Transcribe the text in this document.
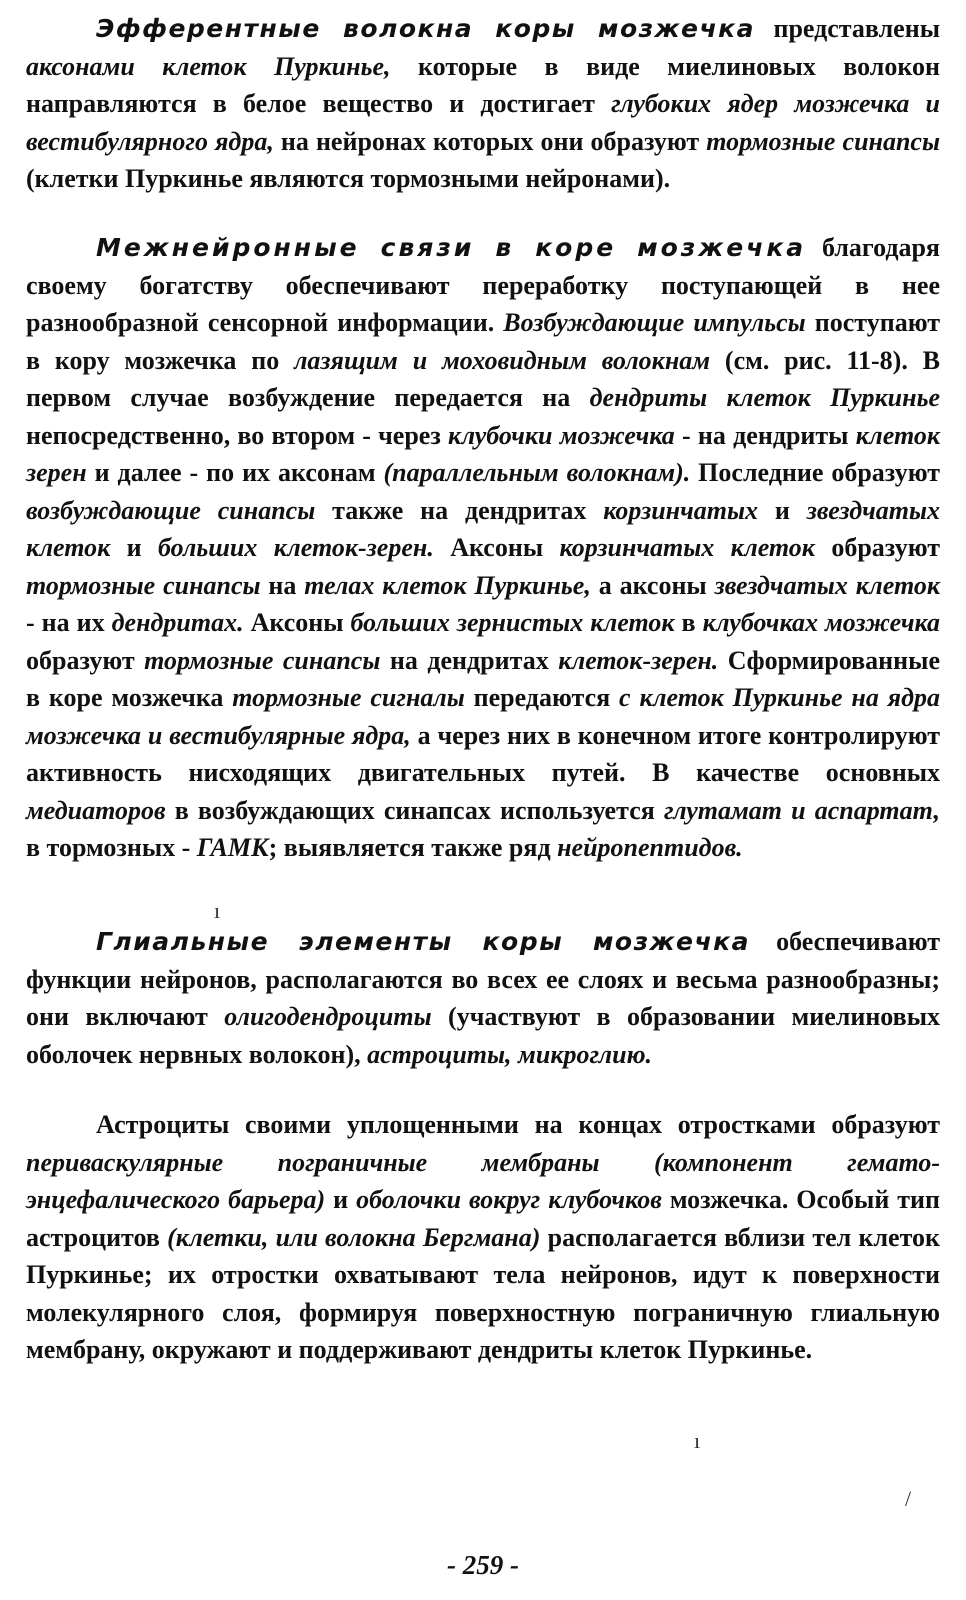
Эфферентные волокна коры мозжечка представлены аксонами клеток Пуркинье, которые в виде миелиновых волокон направляются в белое вещество и достигает глубоких ядер мозжечка и вестибулярного ядра, на нейронах которых они образуют тормозные синапсы (клетки Пуркинье являются тормозными нейронами).

Межнейронные связи в коре мозжечка благодаря своему богатству обеспечивают переработку поступающей в нее разнообразной сенсорной информации. Возбуждающие импульсы поступают в кору мозжечка по лазящим и моховидным волокнам (см. рис. 11-8). В первом случае возбуждение передается на дендриты клеток Пуркинье непосредственно, во втором - через клубочки мозжечка - на дендриты клеток зерен и далее - по их аксонам (параллельным волокнам). Последние образуют возбуждающие синапсы также на дендритах корзинчатых и звездчатых клеток и больших клеток-зерен. Аксоны корзинчатых клеток образуют тормозные синапсы на телах клеток Пуркинье, а аксоны звездчатых клеток - на их дендритах. Аксоны больших зернистых клеток в клубочках мозжечка образуют тормозные синапсы на дендритах клеток-зерен. Сформированные в коре мозжечка тормозные сигналы передаются с клеток Пуркинье на ядра мозжечка и вестибулярные ядра, а через них в конечном итоге контролируют активность нисходящих двигательных путей. В качестве основных медиаторов в возбуждающих синапсах используется глутамат и аспартат, в тормозных - ГАМК; выявляется также ряд нейропептидов.

Глиальные элементы коры мозжечка обеспечивают функции нейронов, располагаются во всех ее слоях и весьма разнообразны; они включают олигодендроциты (участвуют в образовании миелиновых оболочек нервных волокон), астроциты, микроглию.

Астроциты своими уплощенными на концах отростками образуют периваскулярные пограничные мембраны (компонент гемато-энцефалического барьера) и оболочки вокруг клубочков мозжечка. Особый тип астроцитов (клетки, или волокна Бергмана) располагается вблизи тел клеток Пуркинье; их отростки охватывают тела нейронов, идут к поверхности молекулярного слоя, формируя поверхностную пограничную глиальную мембрану, окружают и поддерживают дендриты клеток Пуркинье.

ı
ı
/
- 259 -
